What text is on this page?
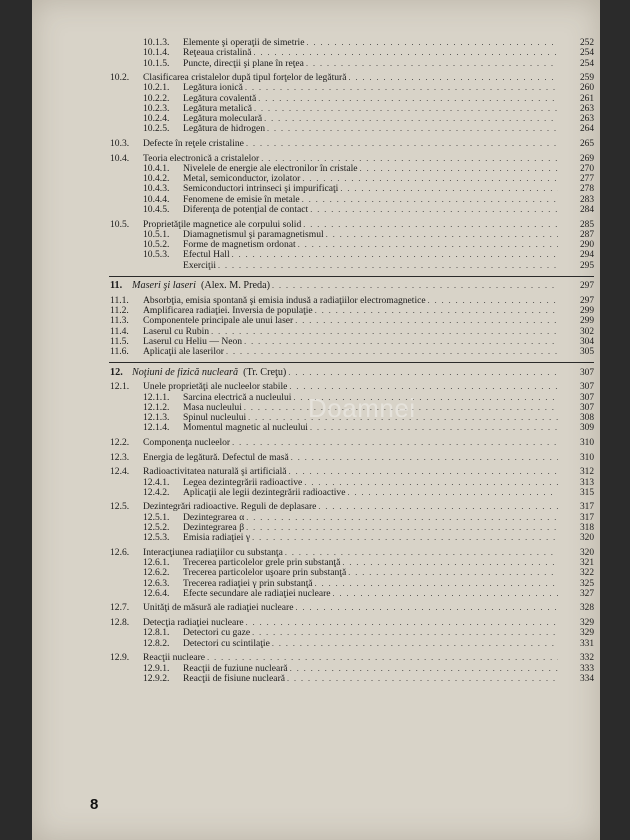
10.1.3. Elemente şi operaţii de simetrie . . .	252
10.1.4. Reţeaua cristalină . . .	254
10.1.5. Puncte, direcţii şi plane în reţea . . .	254
10.2. Clasificarea cristalelor după tipul forţelor de legătură . . .	259
10.2.1. Legătura ionică . . .	260
10.2.2. Legătura covalentă . . .	261
10.2.3. Legătura metalică . . .	263
10.2.4. Legătura moleculară . . .	263
10.2.5. Legătura de hidrogen . . .	264
10.3. Defecte în reţele cristaline . . .	265
10.4. Teoria electronică a cristalelor . . .	269
10.4.1. Nivelele de energie ale electronilor în cristale . . .	270
10.4.2. Metal, semiconductor, izolator . . .	277
10.4.3. Semiconductori intrinseci şi impurificaţi . . .	278
10.4.4. Fenomene de emisie în metale . . .	283
10.4.5. Diferenţa de potenţial de contact . . .	284
10.5. Proprietăţile magnetice ale corpului solid . . .	285
10.5.1. Diamagnetismul şi paramagnetismul . . .	287
10.5.2. Forme de magnetism ordonat . . .	290
10.5.3. Efectul Hall . . .	294
Exerciţii . . .	295
11. Maseri şi laseri (Alex. M. Preda) . . .	297
11.1. Absorbţia, emisia spontană şi emisia indusă a radiaţiilor electromagnetice . . .	297
11.2. Amplificarea radiaţiei. Inversia de populaţie . . .	299
11.3. Componentele principale ale unui laser . . .	299
11.4. Laserul cu Rubin . . .	302
11.5. Laserul cu Heliu — Neon . . .	304
11.6. Aplicaţii ale laserilor . . .	305
12. Noţiuni de fizică nucleară (Tr. Creţu) . . .	307
12.1. Unele proprietăţi ale nucleelor stabile . . .	307
12.1.1. Sarcina electrică a nucleului . . .	307
12.1.2. Masa nucleului . . .	307
12.1.3. Spinul nucleului . . .	308
12.1.4. Momentul magnetic al nucleului . . .	309
12.2. Componenţa nucleelor . . .	310
12.3. Energia de legătură. Defectul de masă . . .	310
12.4. Radioactivitatea naturală şi artificială . . .	312
12.4.1. Legea dezintegrării radioactive . . .	313
12.4.2. Aplicaţii ale legii dezintegrării radioactive . . .	315
12.5. Dezintegrări radioactive. Reguli de deplasare . . .	317
12.5.1. Dezintegrarea α . . .	317
12.5.2. Dezintegrarea β . . .	318
12.5.3. Emisia radiaţiei γ . . .	320
12.6. Interacţiunea radiaţiilor cu substanţa . . .	320
12.6.1. Trecerea particolelor grele prin substanţă . . .	321
12.6.2. Trecerea particolelor uşoare prin substanţă . . .	322
12.6.3. Trecerea radiaţiei γ prin substanţă . . .	325
12.6.4. Efecte secundare ale radiaţiei nucleare . . .	327
12.7. Unităţi de măsură ale radiaţiei nucleare . . .	328
12.8. Detecţia radiaţiei nucleare . . .	329
12.8.1. Detectori cu gaze . . .	329
12.8.2. Detectori cu scintilaţie . . .	331
12.9. Reacţii nucleare . . .	332
12.9.1. Reacţii de fuziune nucleară . . .	333
12.9.2. Reacţii de fisiune nucleară . . .	334
Doamnei
8
